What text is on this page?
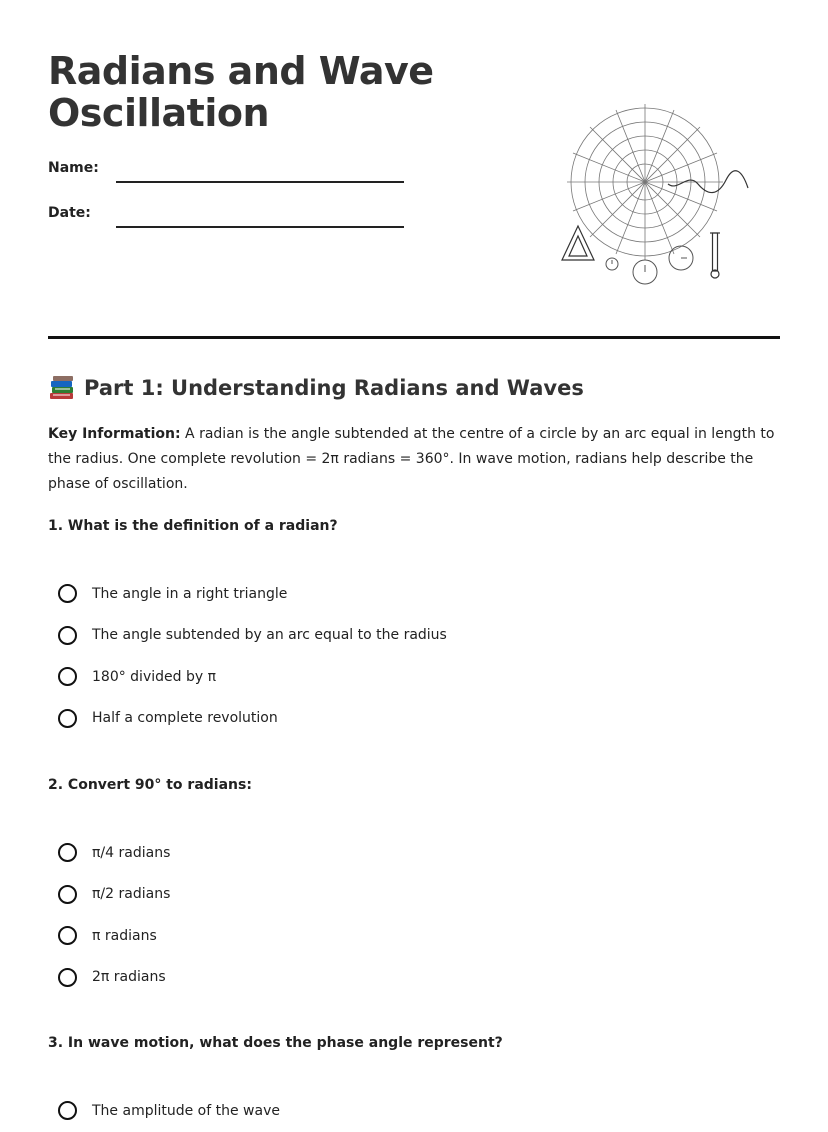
Radians and Wave Oscillation
Name:
Date:
Part 1: Understanding Radians and Waves

Key Information: A radian is the angle subtended at the centre of a circle by an arc equal in length to the radius. One complete revolution = 2π radians = 360°. In wave motion, radians help describe the phase of oscillation.

1. What is the definition of a radian?

The angle in a right triangle
The angle subtended by an arc equal to the radius
180° divided by π
Half a complete revolution

2. Convert 90° to radians:

π/4 radians
π/2 radians
π radians
2π radians

3. In wave motion, what does the phase angle represent?

The amplitude of the wave
